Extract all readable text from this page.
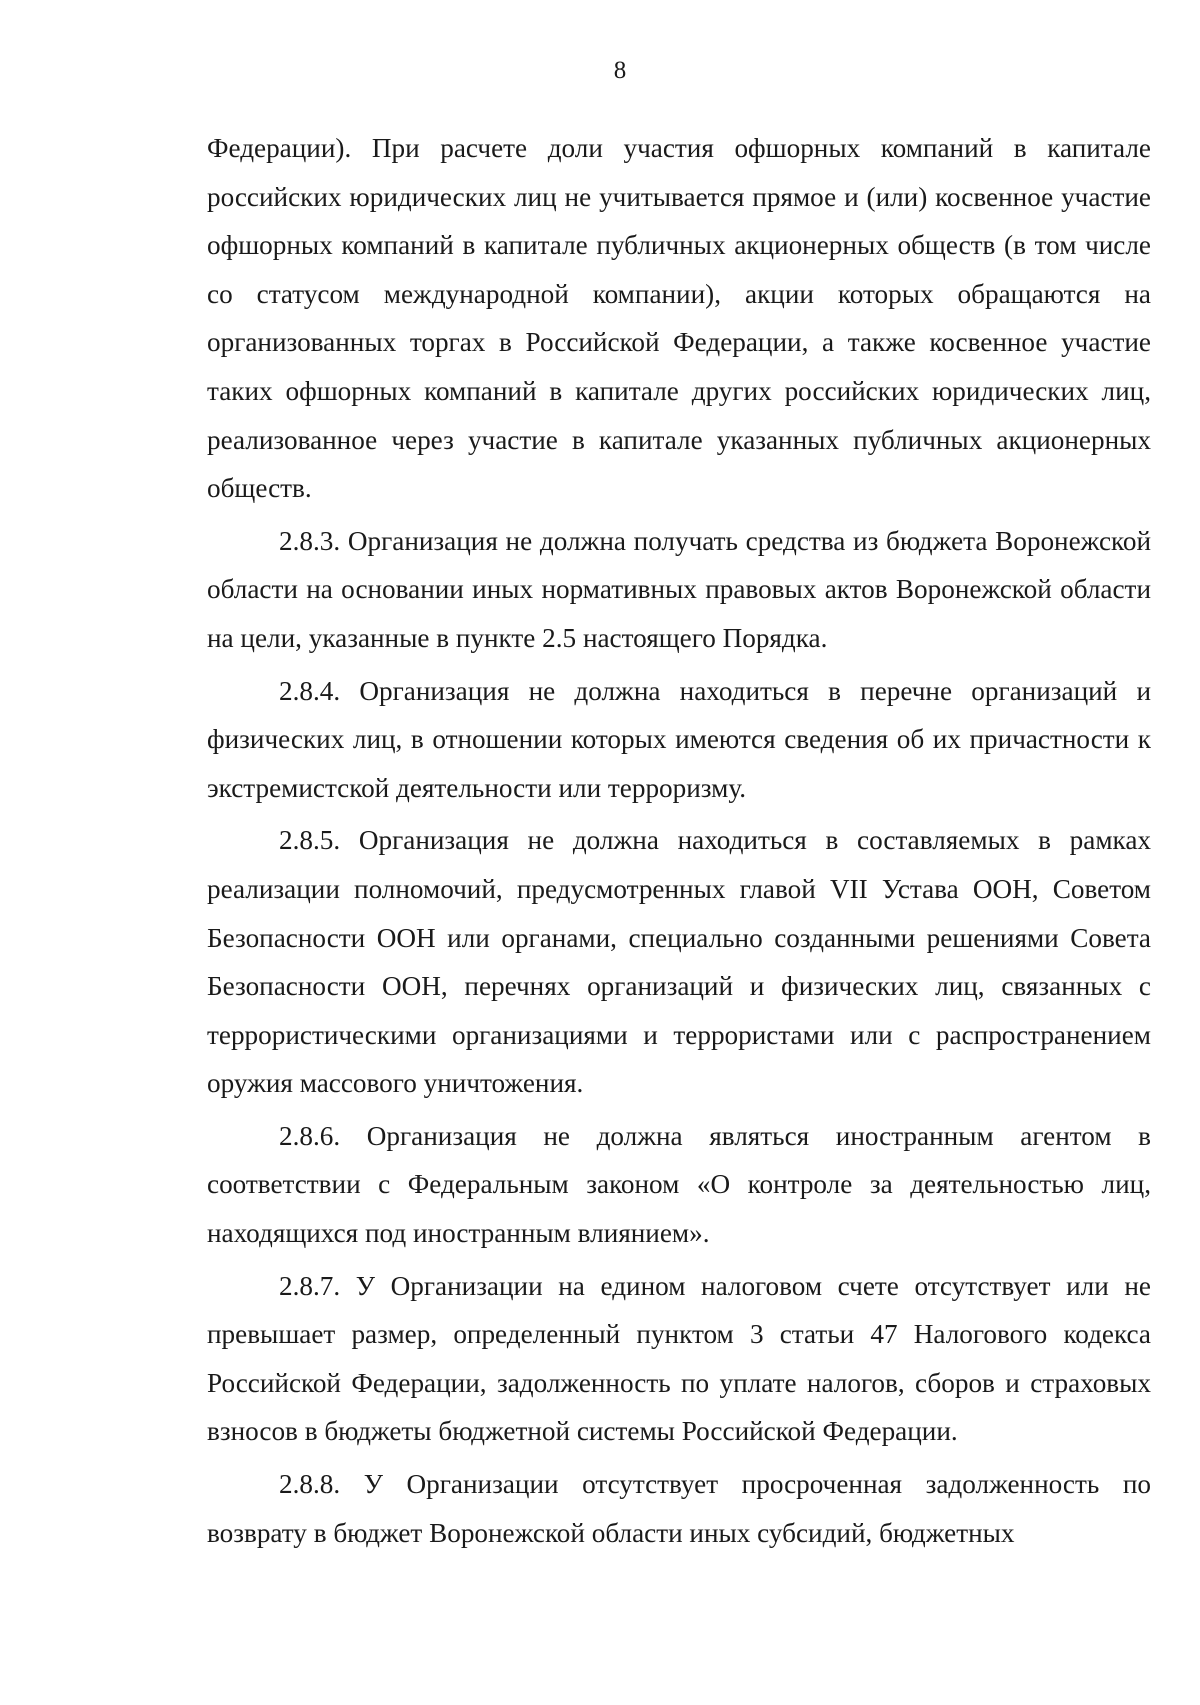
8

Федерации). При расчете доли участия офшорных компаний в капитале российских юридических лиц не учитывается прямое и (или) косвенное участие офшорных компаний в капитале публичных акционерных обществ (в том числе со статусом международной компании), акции которых обращаются на организованных торгах в Российской Федерации, а также косвенное участие таких офшорных компаний в капитале других российских юридических лиц, реализованное через участие в капитале указанных публичных акционерных обществ.

2.8.3. Организация не должна получать средства из бюджета Воронежской области на основании иных нормативных правовых актов Воронежской области на цели, указанные в пункте 2.5 настоящего Порядка.

2.8.4. Организация не должна находиться в перечне организаций и физических лиц, в отношении которых имеются сведения об их причастности к экстремистской деятельности или терроризму.

2.8.5. Организация не должна находиться в составляемых в рамках реализации полномочий, предусмотренных главой VII Устава ООН, Советом Безопасности ООН или органами, специально созданными решениями Совета Безопасности ООН, перечнях организаций и физических лиц, связанных с террористическими организациями и террористами или с распространением оружия массового уничтожения.

2.8.6. Организация не должна являться иностранным агентом в соответствии с Федеральным законом «О контроле за деятельностью лиц, находящихся под иностранным влиянием».

2.8.7. У Организации на едином налоговом счете отсутствует или не превышает размер, определенный пунктом 3 статьи 47 Налогового кодекса Российской Федерации, задолженность по уплате налогов, сборов и страховых взносов в бюджеты бюджетной системы Российской Федерации.

2.8.8. У Организации отсутствует просроченная задолженность по возврату в бюджет Воронежской области иных субсидий, бюджетных
